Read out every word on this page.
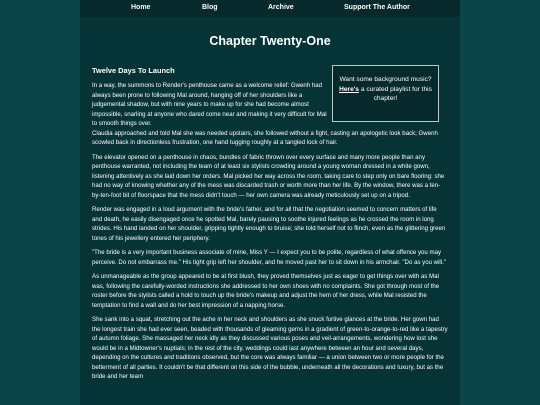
Home	Blog	Archive	Support The Author
Chapter Twenty-One
Twelve Days To Launch
Want some background music?
Here's a curated playlist for this chapter!

In a way, the summons to Render's penthouse came as a welcome relief: Gwenh had always been prone to following Mal around, hanging off of her shoulders like a judgemental shadow, but with nine years to make up for she had become almost impossible, snarling at anyone who dared come near and making it very difficult for Mal to smooth things over.

Claudia approached and told Mal she was needed upstairs, she followed without a fight, casting an apologetic look back; Gwenh scowled back in directionless frustration, one hand tugging roughly at a tangled lock of hair.

The elevator opened on a penthouse in chaos, bundles of fabric thrown over every surface and many more people than any penthouse warranted, not including the team of at least six stylists crowding around a young woman dressed in a white gown, listening attentively as she laid down her orders. Mal picked her way across the room, taking care to step only on bare flooring: she had no way of knowing whether any of the mess was discarded trash or worth more than her life. By the window, there was a ten-by-ten-foot bit of floorspace that the mess didn't touch — her own camera was already meticulously set up on a tripod.

Render was engaged in a loud argument with the bride's father, and for all that the negotiation seemed to concern matters of life and death, he easily disengaged once he spotted Mal, barely pausing to soothe injured feelings as he crossed the room in long strides. His hand landed on her shoulder, gripping tightly enough to bruise; she told herself not to flinch, even as the glittering green tones of his jewellery entered her periphery.

"The bride is a very important business associate of mine, Miss Y — I expect you to be polite, regardless of what offence you may perceive. Do not embarrass me." His tight grip left her shoulder, and he moved past her to sit down in his armchair. "Do as you will."

As unmanageable as the group appeared to be at first blush, they proved themselves just as eager to get things over with as Mal was, following the carefully-worded instructions she addressed to her own shoes with no complaints. She got through most of the roster before the stylists called a hold to touch up the bride's makeup and adjust the hem of her dress, while Mal resisted the temptation to find a wall and do her best impression of a napping horse.

She sank into a squat, stretching out the ache in her neck and shoulders as she snuck furtive glances at the bride. Her gown had the longest train she had ever seen, beaded with thousands of gleaming gems in a gradient of green-to-orange-to-red like a tapestry of autumn foliage. She massaged her neck idly as they discussed various poses and veil-arrangements, wondering how lost she would be in a Midtowner's nuptials; in the rest of the city, weddings could last anywhere between an hour and several days, depending on the cultures and traditions observed, but the core was always familiar — a union between two or more people for the betterment of all parties. It couldn't be that different on this side of the bubble, underneath all the decorations and luxury, but as the bride and her team
